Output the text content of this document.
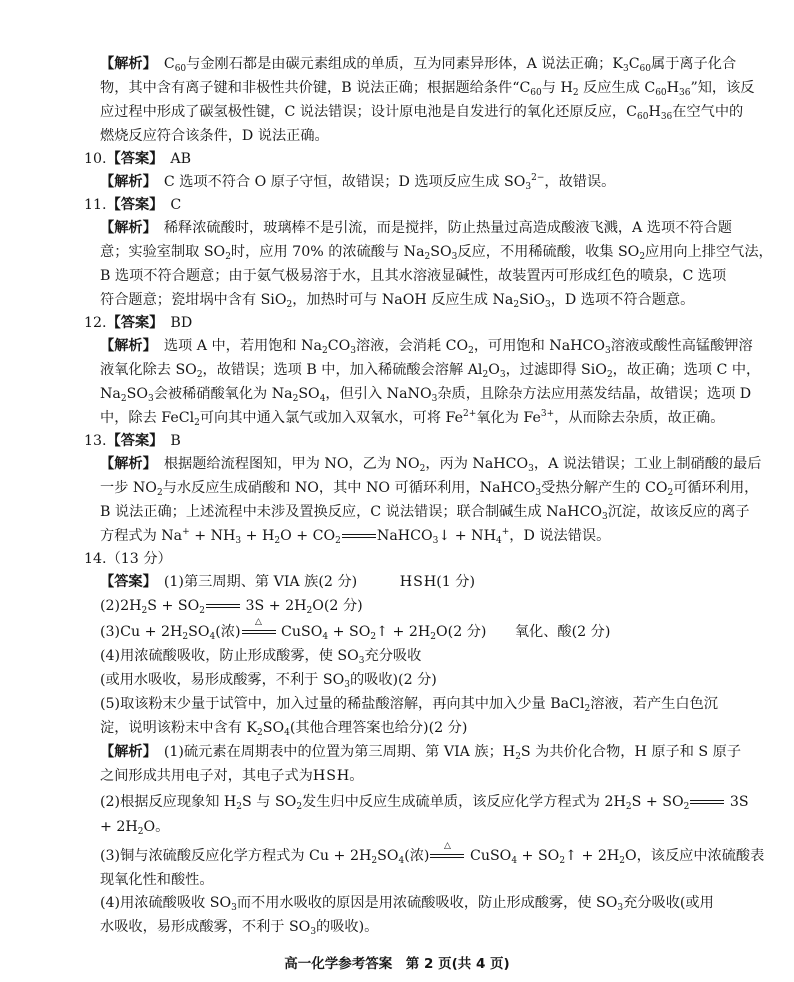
【解析】　$C_{60}$与金刚石都是由碳元素组成的单质，互为同素异形体，A 说法正确；$K_3C_{60}$属于离子化合
物，其中含有离子键和非极性共价键，B 说法正确；根据题给条件“$C_{60}$与 $H_2$ 反应生成 $C_{60}H_{36}$”知，该反
应过程中形成了碳氢极性键，C 说法错误；设计原电池是自发进行的氧化还原反应，$C_{60}H_{36}$在空气中的
燃烧反应符合该条件，D 说法正确。
10.【答案】　AB
【解析】　C 选项不符合 O 原子守恒，故错误；D 选项反应生成 $SO_3^{2-}$，故错误。
11.【答案】　C
【解析】　稀释浓硫酸时，玻璃棒不是引流，而是搅拌，防止热量过高造成酸液飞溅，A 选项不符合题
意；实验室制取 $SO_2$时，应用 70% 的浓硫酸与 $Na_2SO_3$反应，不用稀硫酸，收集 $SO_2$应用向上排空气法，
B 选项不符合题意；由于氨气极易溶于水，且其水溶液显碱性，故装置丙可形成红色的喷泉，C 选项
符合题意；瓷坩埚中含有 SiO$_2$，加热时可与 NaOH 反应生成 $Na_2SiO_3$，D 选项不符合题意。
12.【答案】　BD
【解析】　选项 A 中，若用饱和 $Na_2CO_3$溶液，会消耗 $CO_2$，可用饱和 NaHCO$_3$溶液或酸性高锰酸钾溶
液氧化除去 $SO_2$，故错误；选项 B 中，加入稀硫酸会溶解 $Al_2O_3$，过滤即得 SiO$_2$，故正确；选项 C 中，
$Na_2SO_3$会被稀硝酸氧化为 $Na_2SO_4$，但引入 NaNO$_3$杂质，且除杂方法应用蒸发结晶，故错误；选项 D
中，除去 FeCl$_2$可向其中通入氯气或加入双氧水，可将 $Fe^{2+}$氧化为 $Fe^{3+}$，从而除去杂质，故正确。
13.【答案】　B
【解析】　根据题给流程图知，甲为 NO，乙为 $NO_2$，丙为 NaHCO$_3$，A 说法错误；工业上制硝酸的最后
一步 $NO_2$与水反应生成硝酸和 NO，其中 NO 可循环利用，NaHCO$_3$受热分解产生的 $CO_2$可循环利用，
B 说法正确；上述流程中未涉及置换反应，C 说法错误；联合制碱生成 NaHCO$_3$沉淀，故该反应的离子
方程式为 $Na^+ + NH_3 + H_2O + CO_2$	NaHCO$_3$↓ + $NH_4^+$，D 说法错误。
14.（13 分）
【答案】　(1)第三周期、第 VIA 族(2 分)　　　H: S :H(1 分)
$(2)2H_2S + SO_2$	$3S + 2H_2O(2$ 分)
$(3)Cu + 2H_2SO_4$(浓)
△
CuSO$_4$ + $SO_2↑ + 2H_2O(2$ 分)　　氧化、酸(2 分)
(4)用浓硫酸吸收，防止形成酸雾，使 $SO_3$充分吸收
(或用水吸收，易形成酸雾，不利于 $SO_3$的吸收)(2 分)
(5)取该粉末少量于试管中，加入过量的稀盐酸溶解，再向其中加入少量 BaCl$_2$溶液，若产生白色沉
淀，说明该粉末中含有 $K_2SO_4$(其他合理答案也给分)(2 分)
【解析】　(1)硫元素在周期表中的位置为第三周期、第 VIA 族；$H_2S$ 为共价化合物，H 原子和 S 原子
之间形成共用电子对，其电子式为H: S :H。
(2)根据反应现象知 $H_2S$ 与 $SO_2$发生归中反应生成硫单质，该反应化学方程式为 $2H_2S + SO_2$	3S
+ $2H_2O$。
(3)铜与浓硫酸反应化学方程式为 $Cu + 2H_2SO_4$(浓)
△
CuSO$_4$ + $SO_2↑ + 2H_2O$，该反应中浓硫酸表
现氧化性和酸性。
(4)用浓硫酸吸收 $SO_3$而不用水吸收的原因是用浓硫酸吸收，防止形成酸雾，使 $SO_3$充分吸收(或用
水吸收，易形成酸雾，不利于 $SO_3$的吸收)。
高一化学参考答案　第 2 页(共 4 页)
